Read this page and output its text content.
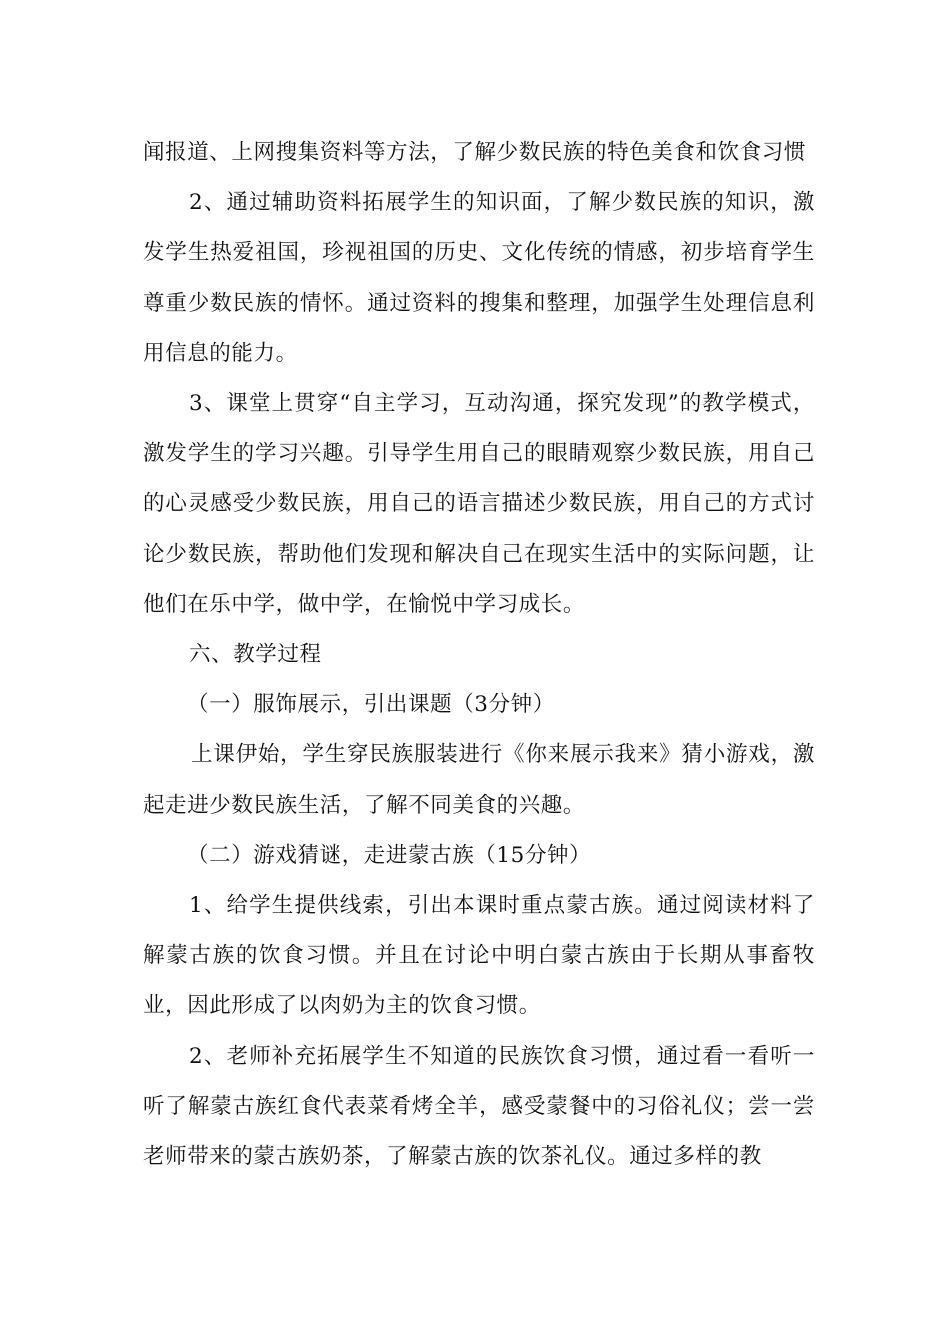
闻报道、上网搜集资料等方法，了解少数民族的特色美食和饮食习惯

2、通过辅助资料拓展学生的知识面，了解少数民族的知识，激发学生热爱祖国，珍视祖国的历史、文化传统的情感，初步培育学生尊重少数民族的情怀。通过资料的搜集和整理，加强学生处理信息利用信息的能力。

3、课堂上贯穿“自主学习，互动沟通，探究发现”的教学模式，激发学生的学习兴趣。引导学生用自己的眼睛观察少数民族，用自己的心灵感受少数民族，用自己的语言描述少数民族，用自己的方式讨论少数民族，帮助他们发现和解决自己在现实生活中的实际问题，让他们在乐中学，做中学，在愉悦中学习成长。

六、教学过程

（一）服饰展示，引出课题（3分钟）

上课伊始，学生穿民族服装进行《你来展示我来》猜小游戏，激起走进少数民族生活，了解不同美食的兴趣。

（二）游戏猜谜，走进蒙古族（15分钟）

1、给学生提供线索，引出本课时重点蒙古族。通过阅读材料了解蒙古族的饮食习惯。并且在讨论中明白蒙古族由于长期从事畜牧业，因此形成了以肉奶为主的饮食习惯。

2、老师补充拓展学生不知道的民族饮食习惯，通过看一看听一听了解蒙古族红食代表菜肴烤全羊，感受蒙餐中的习俗礼仪；尝一尝老师带来的蒙古族奶茶，了解蒙古族的饮茶礼仪。通过多样的教
